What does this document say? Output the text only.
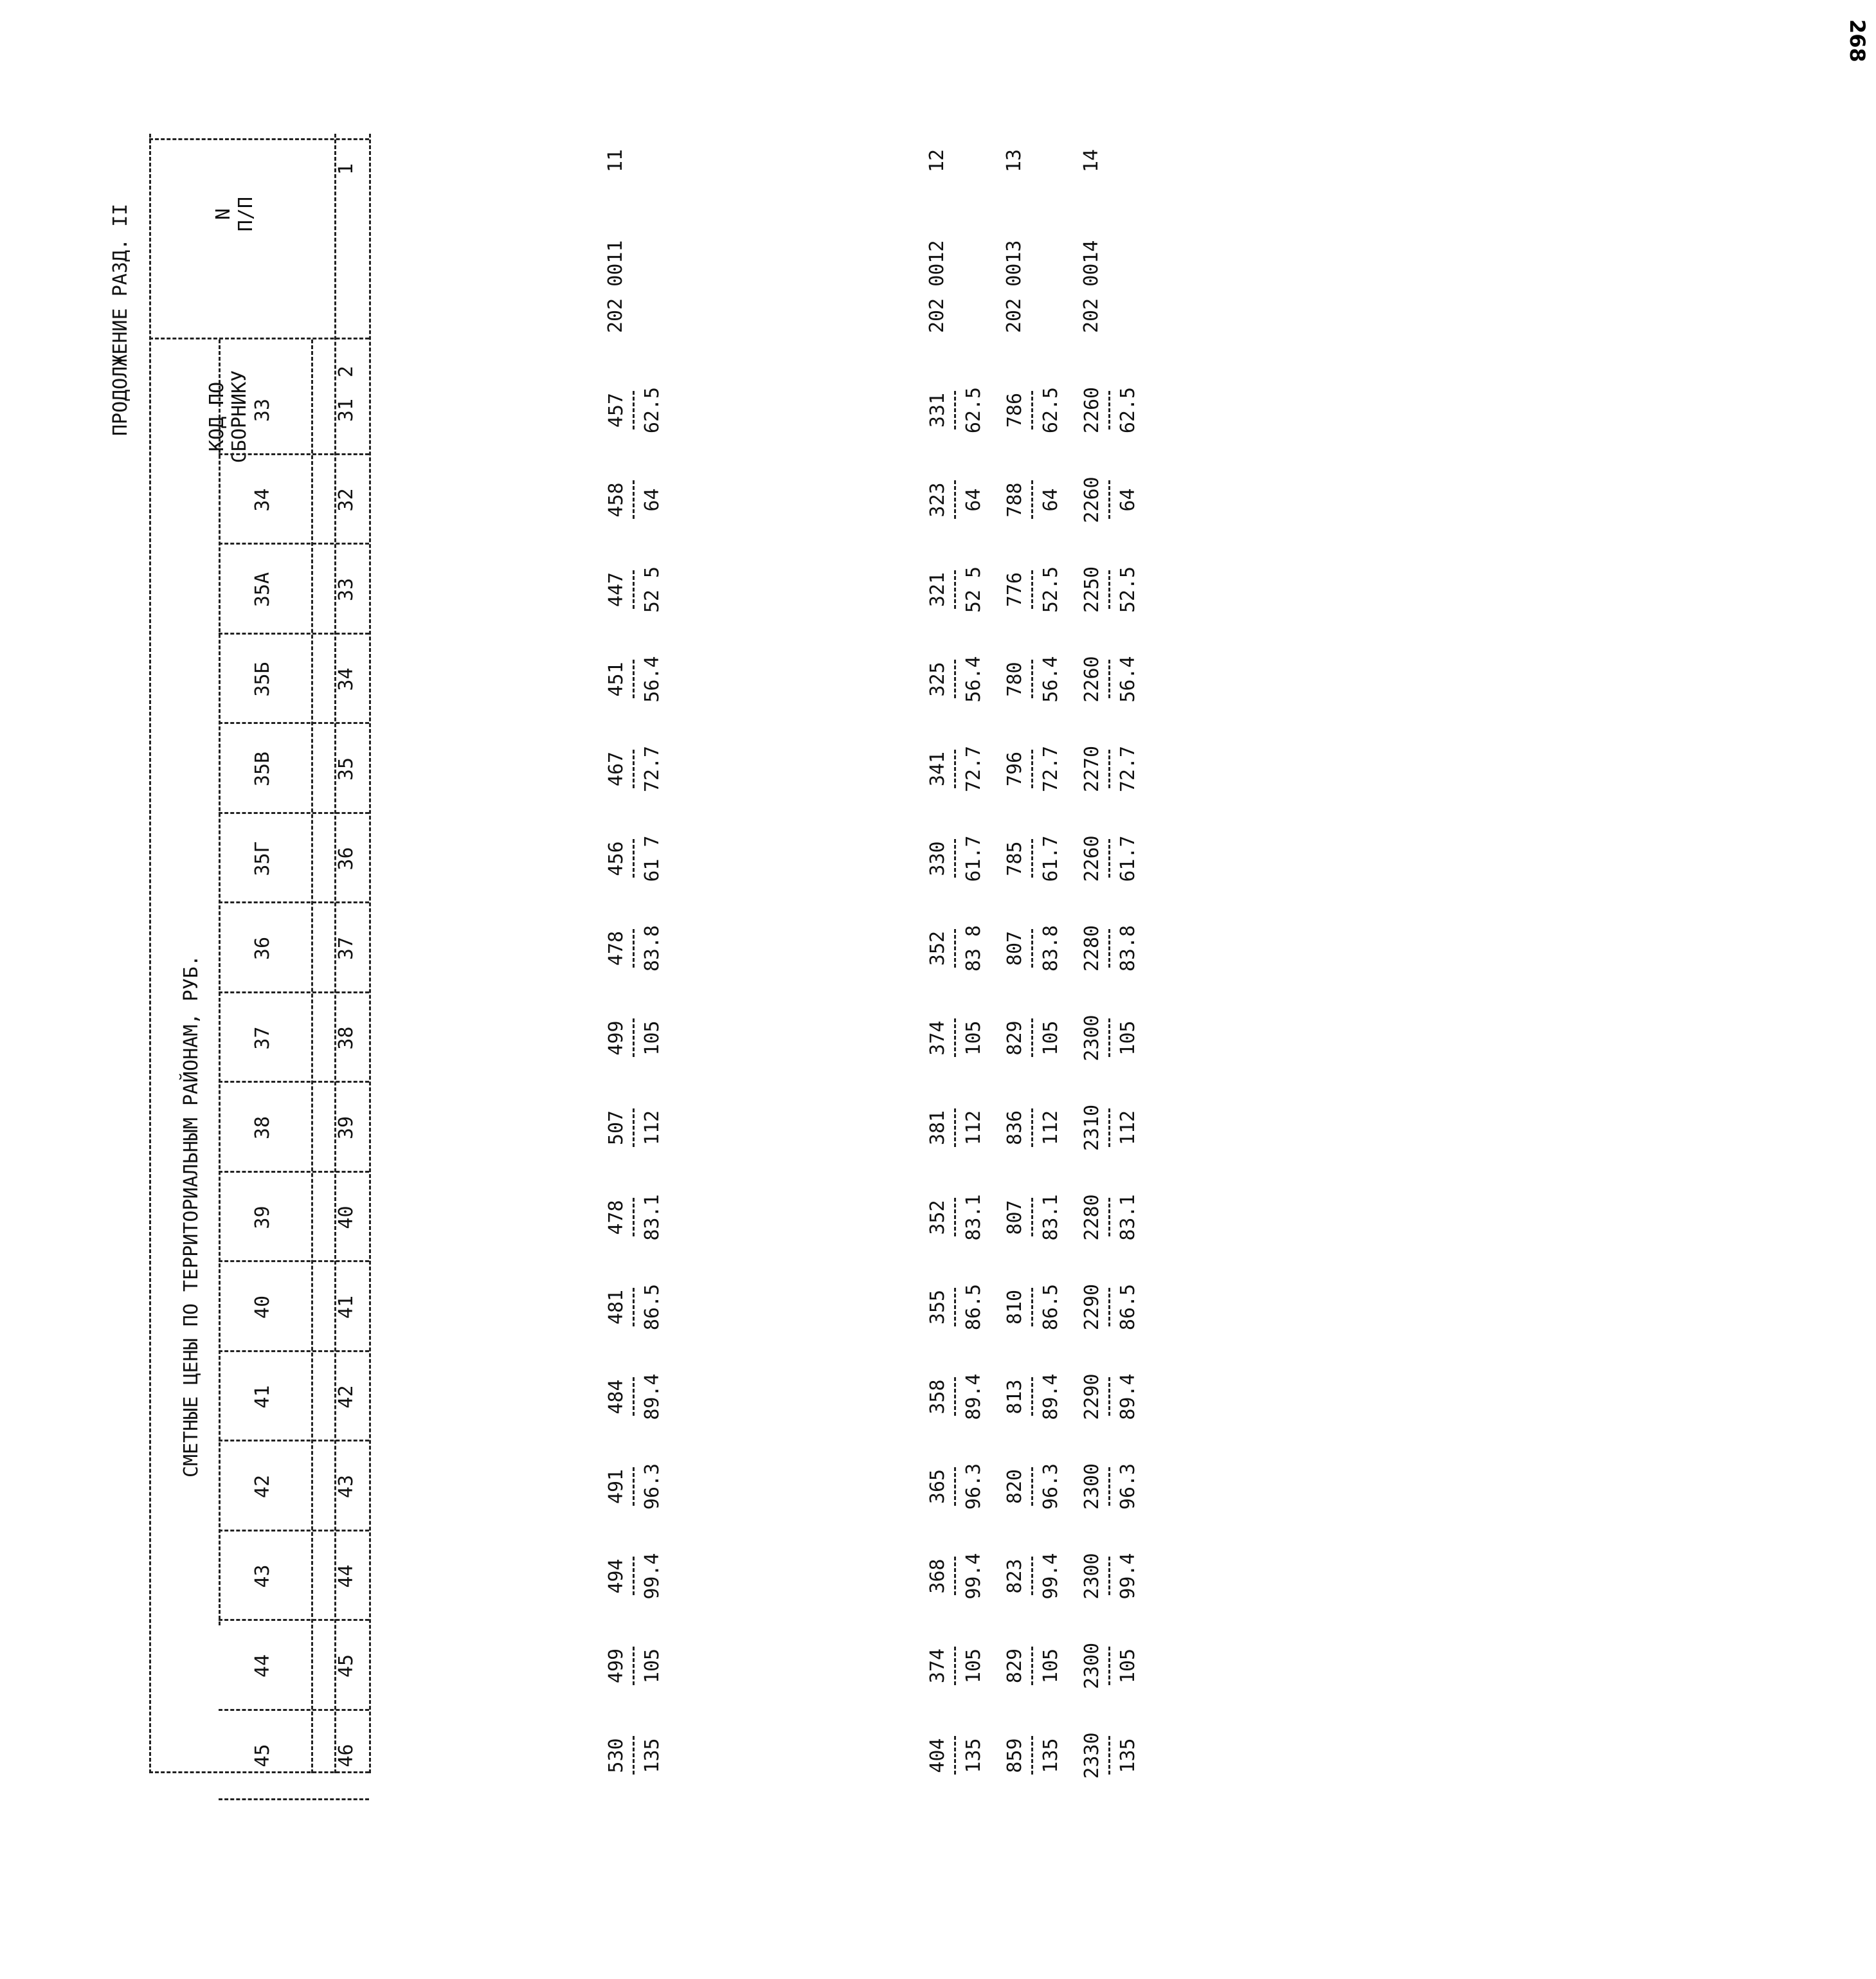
268
ПРОДОЛЖЕНИЕ РАЗД. II	N П/П
КОД ПО СБОРНИКУ
СМЕТНЫЕ ЦЕНЫ ПО ТЕРРИТОРИАЛЬНЫМ РАЙОНАМ, РУБ.
33
34
35А
35Б
35В
35Г
36
37
38
39
40
41
42
43
44
45
1
2
31
32
33
34
35
36
37
38
39
40
41
42
43
44
45
46
11
202 0011
457 62.5
458 64
447 52 5
451 56.4
467 72.7
456 61 7
478 83.8
499 105
507 112
478 83.1
481 86.5
484 89.4
491 96.3
494 99.4
499 105
530 135
12
202 0012
331 62.5
323 64
321 52 5
325 56.4
341 72.7
330 61.7
352 83 8
374 105
381 112
352 83.1
355 86.5
358 89.4
365 96.3
368 99.4
374 105
404 135
13
202 0013
786 62.5
788 64
776 52.5
780 56.4
796 72.7
785 61.7
807 83.8
829 105
836 112
807 83.1
810 86.5
813 89.4
820 96.3
823 99.4
829 105
859 135
14
202 0014
2260 62.5
2260 64
2250 52.5
2260 56.4
2270 72.7
2260 61.7
2280 83.8
2300 105
2310 112
2280 83.1
2290 86.5
2290 89.4
2300 96.3
2300 99.4
2300 105
2330 135
